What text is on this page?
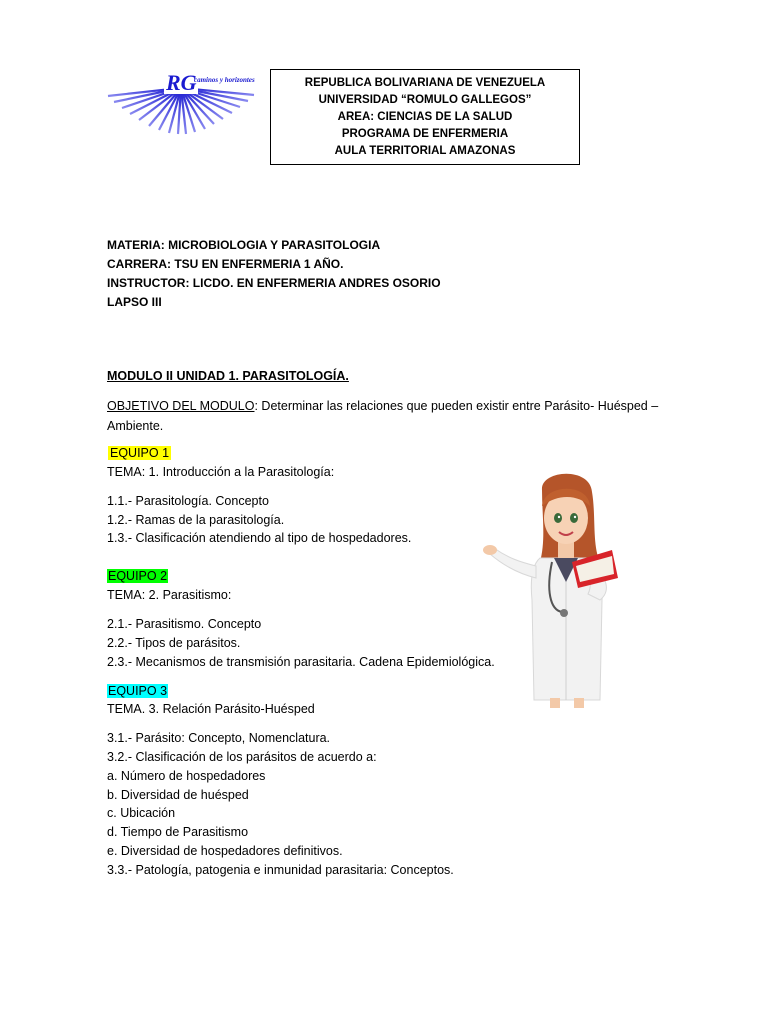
RG
caminos y horizontes	REPUBLICA BOLIVARIANA DE VENEZUELA
UNIVERSIDAD “ROMULO GALLEGOS”
AREA: CIENCIAS DE LA SALUD
PROGRAMA DE ENFERMERIA
AULA TERRITORIAL AMAZONAS
MATERIA: MICROBIOLOGIA Y PARASITOLOGIA
CARRERA: TSU EN ENFERMERIA 1 AÑO.
INSTRUCTOR: LICDO. EN ENFERMERIA ANDRES OSORIO
LAPSO III
MODULO II UNIDAD 1. PARASITOLOGÍA.
OBJETIVO DEL MODULO: Determinar las relaciones que pueden existir entre Parásito- Huésped – Ambiente.
EQUIPO 1
TEMA: 1. Introducción a la Parasitología:
1.1.- Parasitología. Concepto
1.2.- Ramas de la parasitología.
1.3.- Clasificación atendiendo al tipo de hospedadores.
EQUIPO 2
TEMA: 2. Parasitismo:
2.1.- Parasitismo. Concepto
2.2.- Tipos de parásitos.
2.3.- Mecanismos de transmisión parasitaria. Cadena Epidemiológica.
EQUIPO 3
TEMA. 3. Relación Parásito-Huésped
3.1.- Parásito: Concepto, Nomenclatura.
3.2.- Clasificación de los parásitos de acuerdo a:
a. Número de hospedadores
b. Diversidad de huésped
c. Ubicación
d. Tiempo de Parasitismo
e. Diversidad de hospedadores definitivos.
3.3.- Patología, patogenia e inmunidad parasitaria: Conceptos.
